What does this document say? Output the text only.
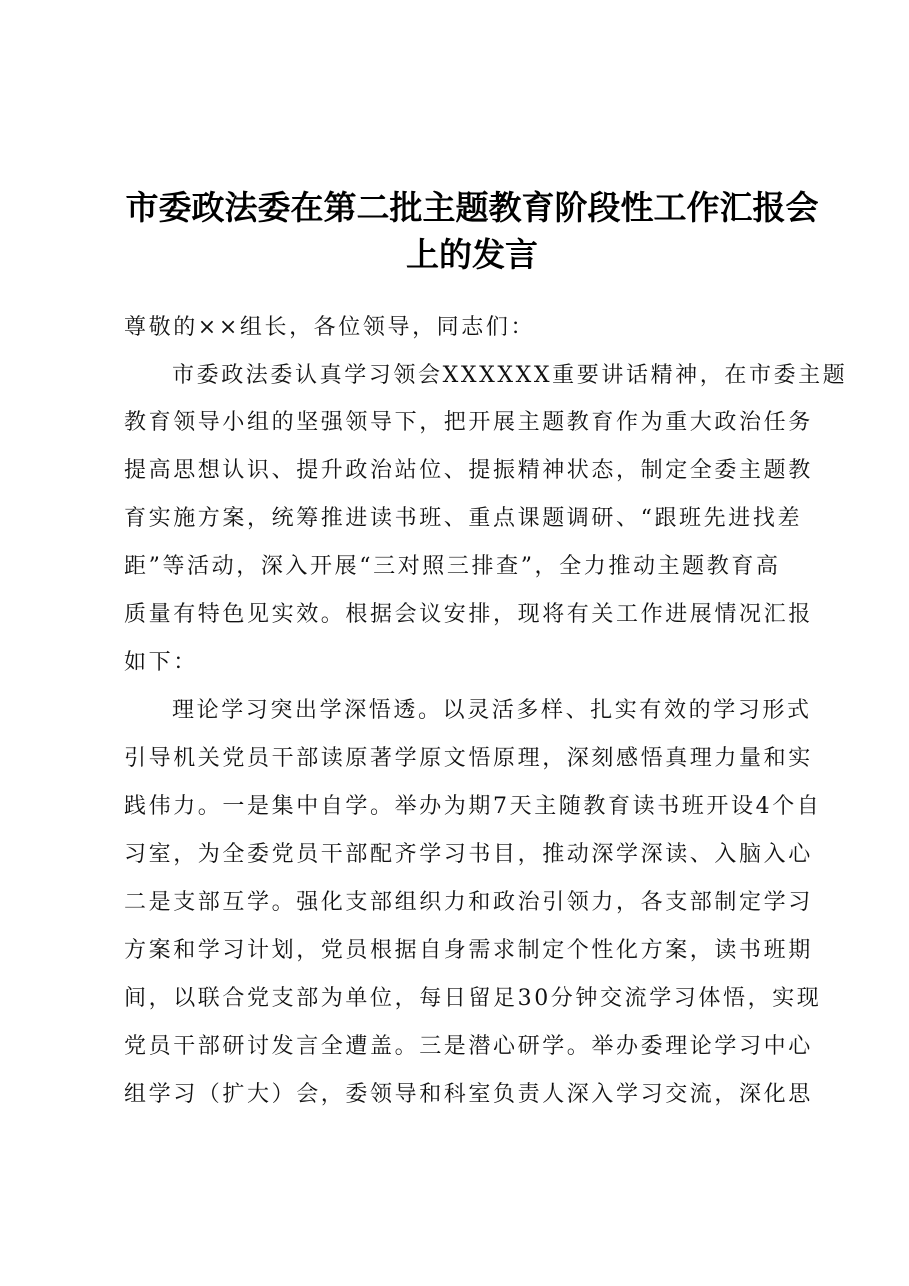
市委政法委在第二批主题教育阶段性工作汇报会
上的发言

尊敬的××组长，各位领导，同志们：

市委政法委认真学习领会XXXXXX重要讲话精神，在市委主题

教育领导小组的坚强领导下，把开展主题教育作为重大政治任务

提高思想认识、提升政治站位、提振精神状态，制定全委主题教

育实施方案，统筹推进读书班、重点课题调研、“跟班先进找差

距”等活动，深入开展“三对照三排查”，全力推动主题教育高

质量有特色见实效。根据会议安排，现将有关工作进展情况汇报

如下：

理论学习突出学深悟透。以灵活多样、扎实有效的学习形式

引导机关党员干部读原著学原文悟原理，深刻感悟真理力量和实

践伟力。一是集中自学。举办为期7天主随教育读书班开设4个自

习室，为全委党员干部配齐学习书目，推动深学深读、入脑入心

二是支部互学。强化支部组织力和政治引领力，各支部制定学习

方案和学习计划，党员根据自身需求制定个性化方案，读书班期

间，以联合党支部为单位，每日留足30分钟交流学习体悟，实现

党员干部研讨发言全遭盖。三是潜心研学。举办委理论学习中心

组学习（扩大）会，委领导和科室负责人深入学习交流，深化思
